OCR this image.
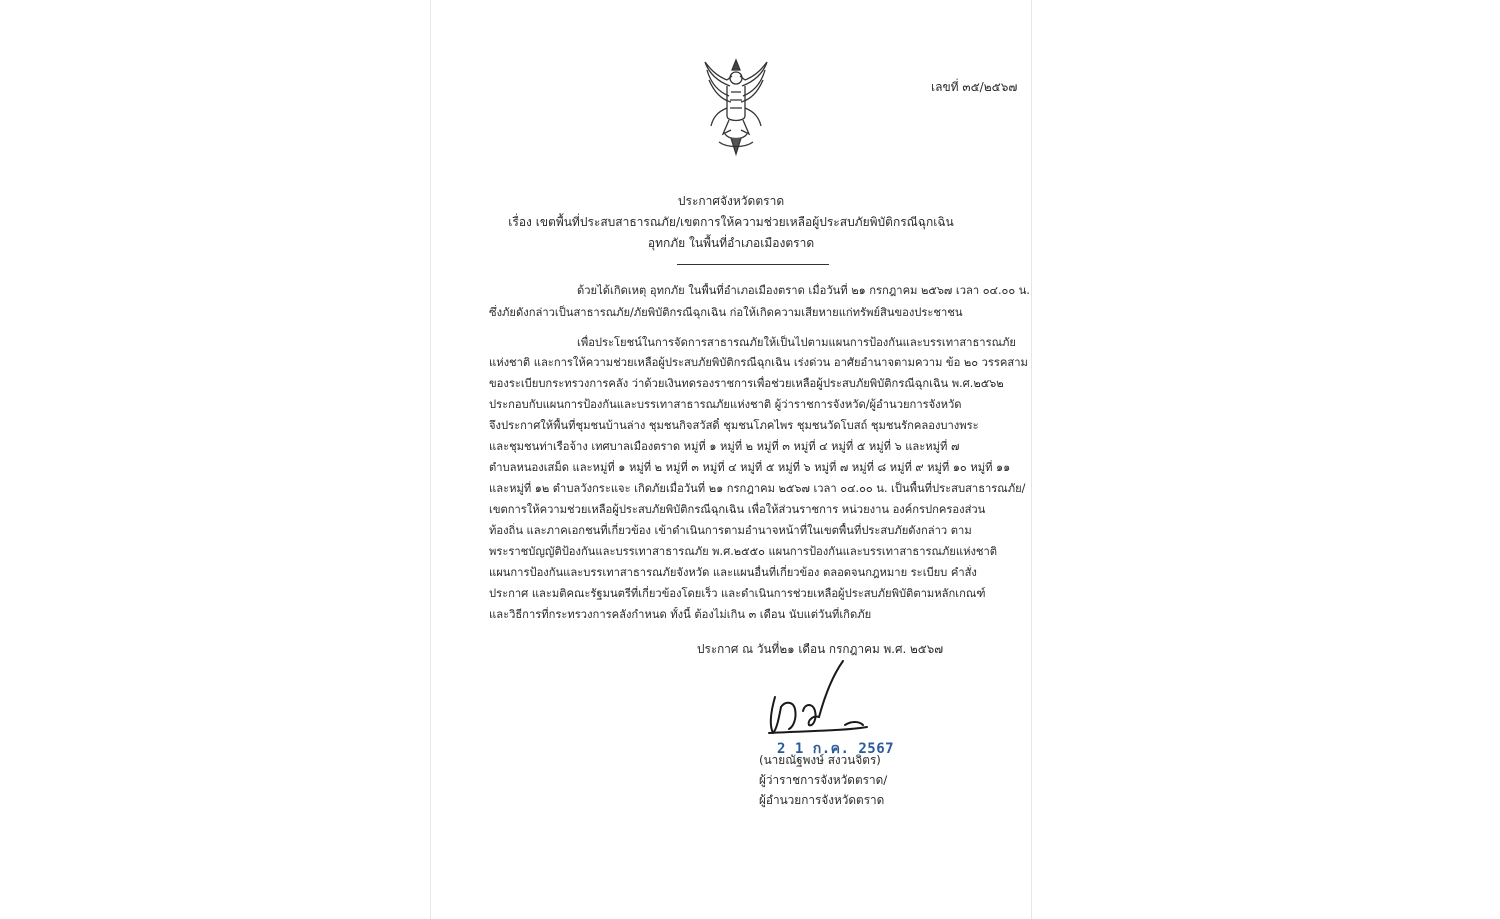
เลขที่ ๓๕/๒๕๖๗
ประกาศจังหวัดตราด
เรื่อง เขตพื้นที่ประสบสาธารณภัย/เขตการให้ความช่วยเหลือผู้ประสบภัยพิบัติกรณีฉุกเฉิน
อุทกภัย ในพื้นที่อำเภอเมืองตราด
ด้วยได้เกิดเหตุ อุทกภัย ในพื้นที่อำเภอเมืองตราด เมื่อวันที่ ๒๑ กรกฎาคม ๒๕๖๗ เวลา ๐๔.๐๐ น.
ซึ่งภัยดังกล่าวเป็นสาธารณภัย/ภัยพิบัติกรณีฉุกเฉิน ก่อให้เกิดความเสียหายแก่ทรัพย์สินของประชาชน
เพื่อประโยชน์ในการจัดการสาธารณภัยให้เป็นไปตามแผนการป้องกันและบรรเทาสาธารณภัย
แห่งชาติ และการให้ความช่วยเหลือผู้ประสบภัยพิบัติกรณีฉุกเฉิน เร่งด่วน อาศัยอำนาจตามความ ข้อ ๒๐ วรรคสาม
ของระเบียบกระทรวงการคลัง ว่าด้วยเงินทดรองราชการเพื่อช่วยเหลือผู้ประสบภัยพิบัติกรณีฉุกเฉิน พ.ศ.๒๕๖๒
ประกอบกับแผนการป้องกันและบรรเทาสาธารณภัยแห่งชาติ ผู้ว่าราชการจังหวัด/ผู้อำนวยการจังหวัด
จึงประกาศให้พื้นที่ชุมชนบ้านล่าง ชุมชนกิจสวัสดิ์ ชุมชนโภคไพร ชุมชนวัดโบสถ์ ชุมชนรักคลองบางพระ
และชุมชนท่าเรือจ้าง เทศบาลเมืองตราด หมู่ที่ ๑ หมู่ที่ ๒ หมู่ที่ ๓ หมู่ที่ ๔ หมู่ที่ ๕ หมู่ที่ ๖ และหมู่ที่ ๗
ตำบลหนองเสม็ด และหมู่ที่ ๑ หมู่ที่ ๒ หมู่ที่ ๓ หมู่ที่ ๔ หมู่ที่ ๕ หมู่ที่ ๖ หมู่ที่ ๗ หมู่ที่ ๘ หมู่ที่ ๙ หมู่ที่ ๑๐ หมู่ที่ ๑๑
และหมู่ที่ ๑๒ ตำบลวังกระแจะ เกิดภัยเมื่อวันที่ ๒๑ กรกฎาคม ๒๕๖๗ เวลา ๐๔.๐๐ น. เป็นพื้นที่ประสบสาธารณภัย/
เขตการให้ความช่วยเหลือผู้ประสบภัยพิบัติกรณีฉุกเฉิน เพื่อให้ส่วนราชการ หน่วยงาน องค์กรปกครองส่วน
ท้องถิ่น และภาคเอกชนที่เกี่ยวข้อง เข้าดำเนินการตามอำนาจหน้าที่ในเขตพื้นที่ประสบภัยดังกล่าว ตาม
พระราชบัญญัติป้องกันและบรรเทาสาธารณภัย พ.ศ.๒๕๕๐ แผนการป้องกันและบรรเทาสาธารณภัยแห่งชาติ
แผนการป้องกันและบรรเทาสาธารณภัยจังหวัด และแผนอื่นที่เกี่ยวข้อง ตลอดจนกฎหมาย ระเบียบ คำสั่ง
ประกาศ และมติคณะรัฐมนตรีที่เกี่ยวข้องโดยเร็ว และดำเนินการช่วยเหลือผู้ประสบภัยพิบัติตามหลักเกณฑ์
และวิธีการที่กระทรวงการคลังกำหนด ทั้งนี้ ต้องไม่เกิน ๓ เดือน นับแต่วันที่เกิดภัย
ประกาศ ณ วันที่๒๑ เดือน กรกฎาคม พ.ศ. ๒๕๖๗
2 1 ก.ค. 2567
(นายณัฐพงษ์ สงวนจิตร)
ผู้ว่าราชการจังหวัดตราด/
ผู้อำนวยการจังหวัดตราด
